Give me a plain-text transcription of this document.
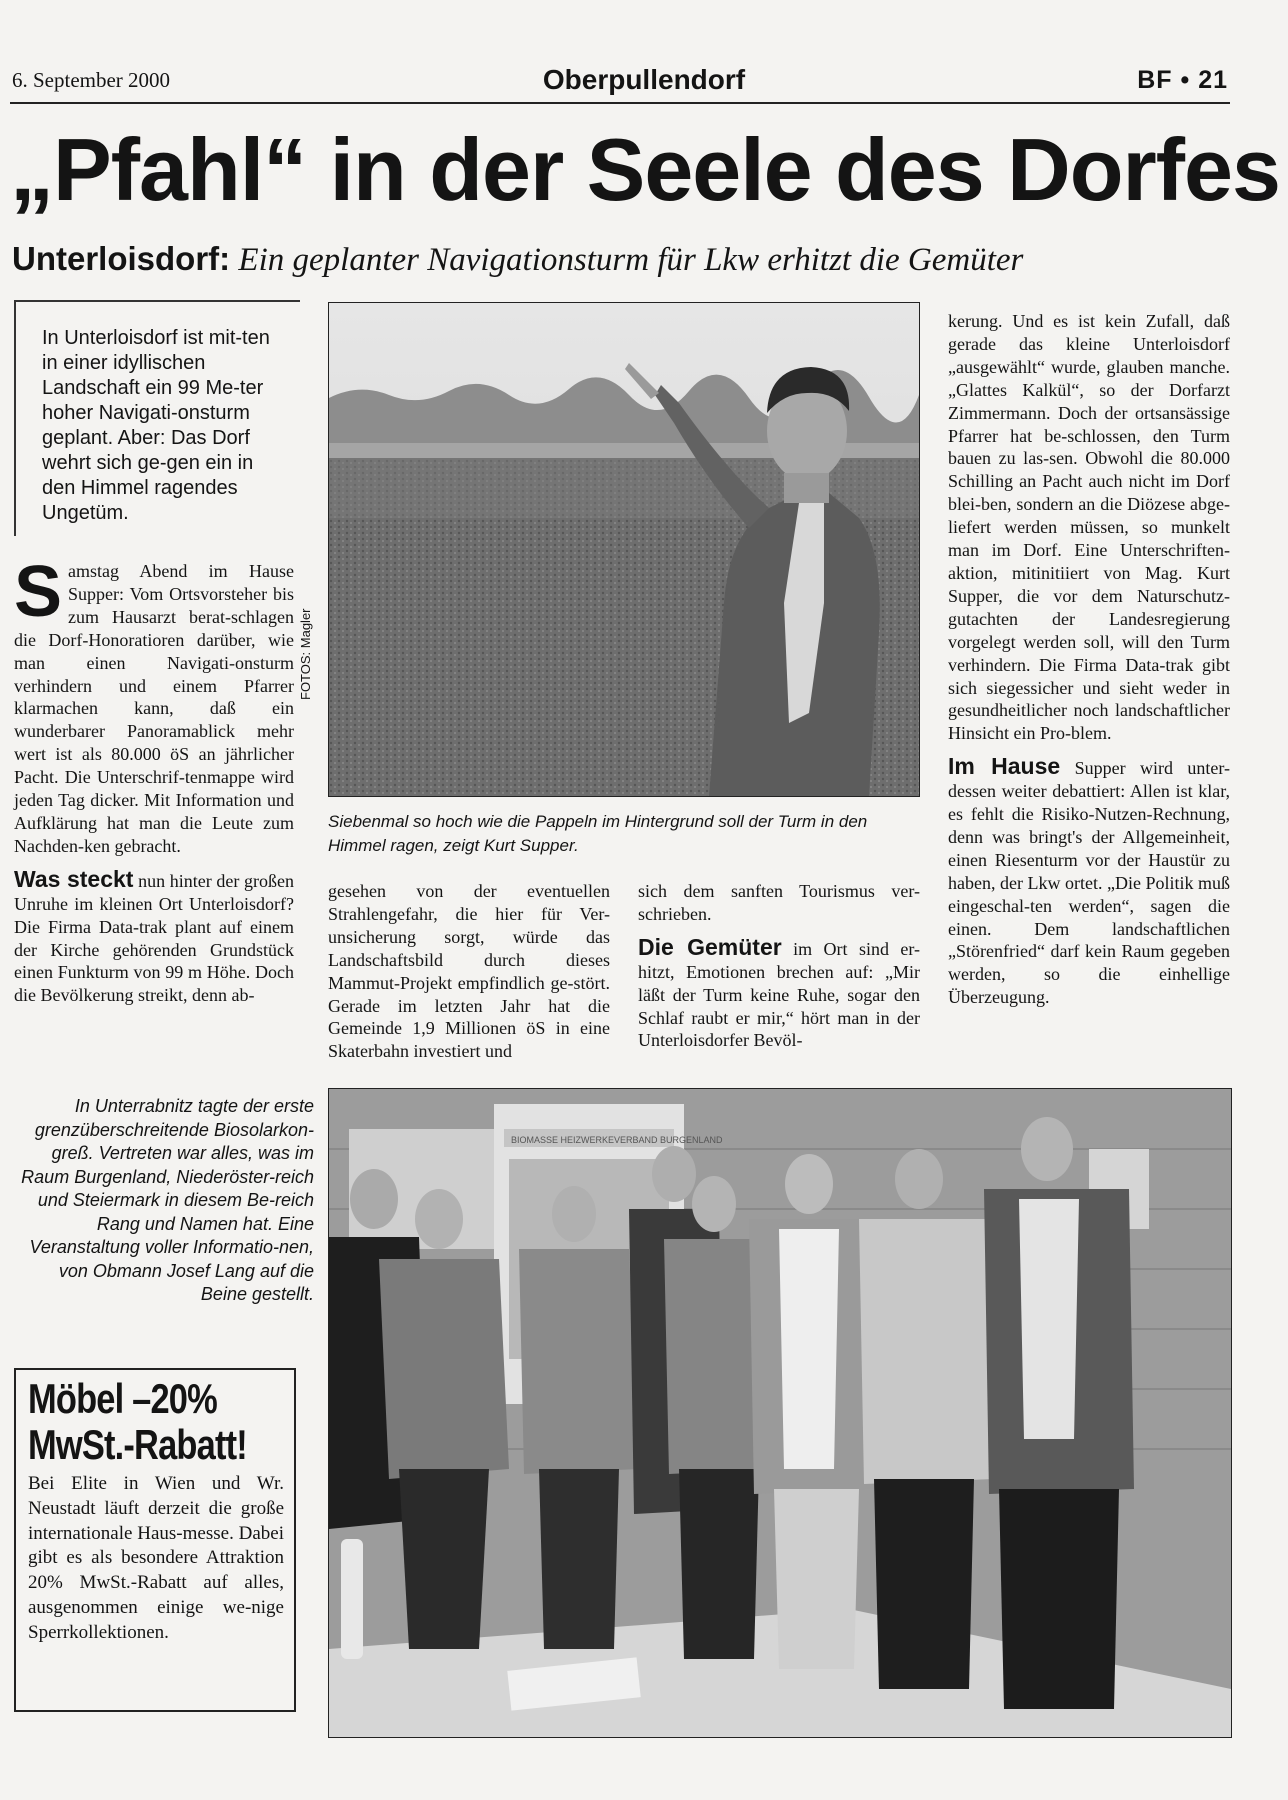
6. September 2000	Oberpullendorf	BF • 21
„Pfahl“ in der Seele des Dorfes
Unterloisdorf: Ein geplanter Navigationsturm für Lkw erhitzt die Gemüter
In Unterloisdorf ist mit-ten in einer idyllischen Landschaft ein 99 Me-ter hoher Navigati-onsturm geplant. Aber: Das Dorf wehrt sich ge-gen ein in den Himmel ragendes Ungetüm.
Samstag Abend im Hause Supper: Vom Ortsvorsteher bis zum Hausarzt berat-schlagen die Dorf-Honoratioren darüber, wie man einen Navigati-onsturm verhindern und einem Pfarrer klarmachen kann, daß ein wunderbarer Panoramablick mehr wert ist als 80.000 öS an jährlicher Pacht. Die Unterschrif-tenmappe wird jeden Tag dicker. Mit Information und Aufklärung hat man die Leute zum Nachden-ken gebracht.
Was steckt nun hinter der großen Unruhe im kleinen Ort Unterloisdorf? Die Firma Data-trak plant auf einem der Kirche gehörenden Grundstück einen Funkturm von 99 m Höhe. Doch die Bevölkerung streikt, denn ab-
FOTOS: Magler
Siebenmal so hoch wie die Pappeln im Hintergrund soll der Turm in den Himmel ragen, zeigt Kurt Supper.
gesehen von der eventuellen Strahlengefahr, die hier für Ver-unsicherung sorgt, würde das Landschaftsbild durch dieses Mammut-Projekt empfindlich ge-stört. Gerade im letzten Jahr hat die Gemeinde 1,9 Millionen öS in eine Skaterbahn investiert und
sich dem sanften Tourismus ver-schrieben.
Die Gemüter im Ort sind er-hitzt, Emotionen brechen auf: „Mir läßt der Turm keine Ruhe, sogar den Schlaf raubt er mir,“ hört man in der Unterloisdorfer Bevöl-
kerung. Und es ist kein Zufall, daß gerade das kleine Unterloisdorf „ausgewählt“ wurde, glauben manche. „Glattes Kalkül“, so der Dorfarzt Zimmermann. Doch der ortsansässige Pfarrer hat be-schlossen, den Turm bauen zu las-sen. Obwohl die 80.000 Schilling an Pacht auch nicht im Dorf blei-ben, sondern an die Diözese abge-liefert werden müssen, so munkelt man im Dorf. Eine Unterschriften-aktion, mitinitiiert von Mag. Kurt Supper, die vor dem Naturschutz-gutachten der Landesregierung vorgelegt werden soll, will den Turm verhindern. Die Firma Data-trak gibt sich siegessicher und sieht weder in gesundheitlicher noch landschaftlicher Hinsicht ein Pro-blem.
Im Hause Supper wird unter-dessen weiter debattiert: Allen ist klar, es fehlt die Risiko-Nutzen-Rechnung, denn was bringt's der Allgemeinheit, einen Riesenturm vor der Haustür zu haben, der Lkw ortet. „Die Politik muß eingeschal-ten werden“, sagen die einen. Dem landschaftlichen „Störenfried“ darf kein Raum gegeben werden, so die einhellige Überzeugung.
BIOMASSE HEIZWERKEVERBAND BURGENLAND
In Unterrabnitz tagte der erste grenzüberschreitende Biosolarkon-greß. Vertreten war alles, was im Raum Burgenland, Niederöster-reich und Steiermark in diesem Be-reich Rang und Namen hat. Eine Veranstaltung voller Informatio-nen, von Obmann Josef Lang auf die Beine gestellt.
Möbel –20%
MwSt.-Rabatt!
Bei Elite in Wien und Wr. Neustadt läuft derzeit die große internationale Haus-messe. Dabei gibt es als besondere Attraktion 20% MwSt.-Rabatt auf alles, ausgenommen einige we-nige Sperrkollektionen.
